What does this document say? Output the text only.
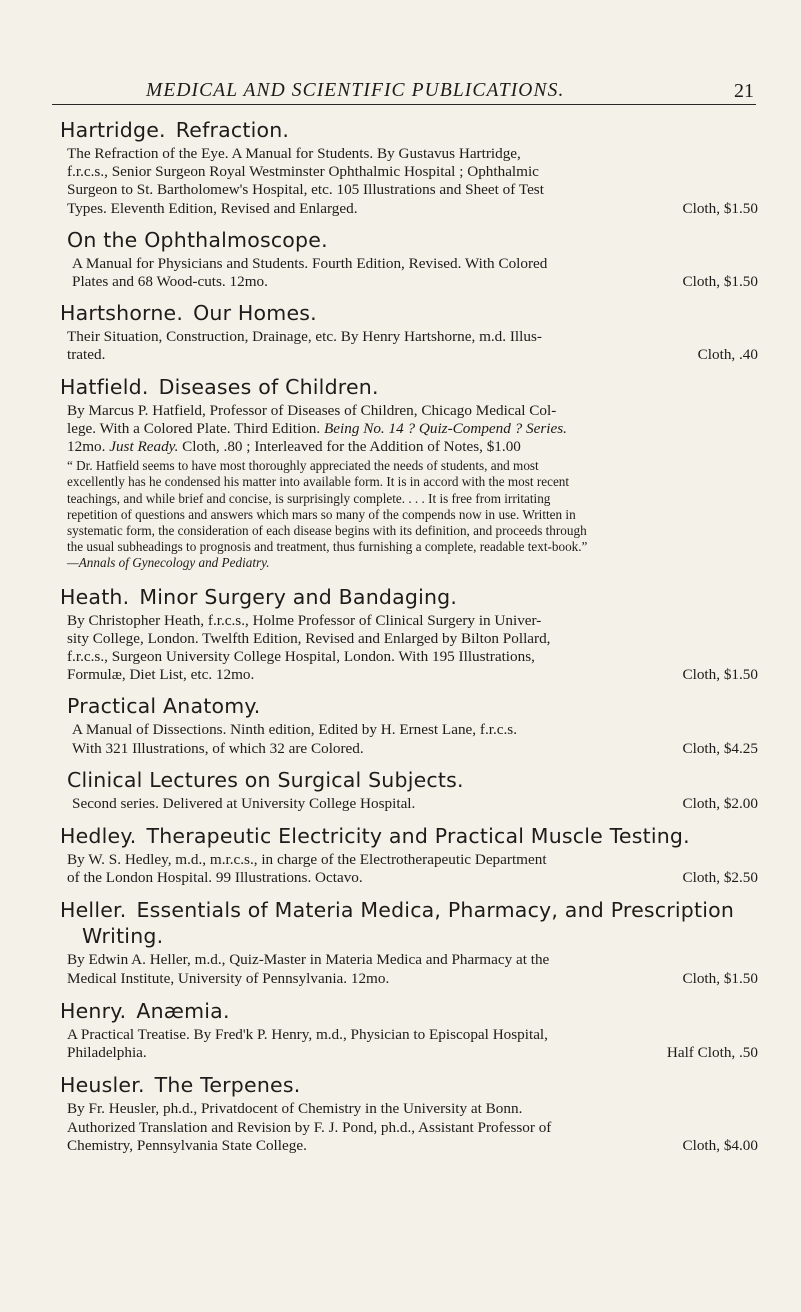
MEDICAL AND SCIENTIFIC PUBLICATIONS.	21
Hartridge. Refraction.
The Refraction of the Eye. A Manual for Students. By Gustavus Hartridge,
f.r.c.s., Senior Surgeon Royal Westminster Ophthalmic Hospital ; Ophthalmic
Surgeon to St. Bartholomew's Hospital, etc. 105 Illustrations and Sheet of Test
Types. Eleventh Edition, Revised and Enlarged.	Cloth, $1.50
On the Ophthalmoscope.
A Manual for Physicians and Students. Fourth Edition, Revised. With Colored
Plates and 68 Wood-cuts. 12mo.	Cloth, $1.50
Hartshorne. Our Homes.
Their Situation, Construction, Drainage, etc. By Henry Hartshorne, m.d. Illus-
trated.	Cloth, .40
Hatfield. Diseases of Children.
By Marcus P. Hatfield, Professor of Diseases of Children, Chicago Medical Col-
lege. With a Colored Plate. Third Edition. Being No. 14 ? Quiz-Compend ? Series.
12mo. Just Ready. Cloth, .80 ; Interleaved for the Addition of Notes, $1.00
“ Dr. Hatfield seems to have most thoroughly appreciated the needs of students, and most
excellently has he condensed his matter into available form. It is in accord with the most recent
teachings, and while brief and concise, is surprisingly complete. . . . It is free from irritating
repetition of questions and answers which mars so many of the compends now in use. Written in
systematic form, the consideration of each disease begins with its definition, and proceeds through
the usual subheadings to prognosis and treatment, thus furnishing a complete, readable text-book.”
—Annals of Gynecology and Pediatry.
Heath. Minor Surgery and Bandaging.
By Christopher Heath, f.r.c.s., Holme Professor of Clinical Surgery in Univer-
sity College, London. Twelfth Edition, Revised and Enlarged by Bilton Pollard,
f.r.c.s., Surgeon University College Hospital, London. With 195 Illustrations,
Formulæ, Diet List, etc. 12mo.	Cloth, $1.50
Practical Anatomy.
A Manual of Dissections. Ninth edition, Edited by H. Ernest Lane, f.r.c.s.
With 321 Illustrations, of which 32 are Colored.	Cloth, $4.25
Clinical Lectures on Surgical Subjects.
Second series. Delivered at University College Hospital.	Cloth, $2.00
Hedley. Therapeutic Electricity and Practical Muscle Testing.
By W. S. Hedley, m.d., m.r.c.s., in charge of the Electrotherapeutic Department
of the London Hospital. 99 Illustrations. Octavo.	Cloth, $2.50
Heller. Essentials of Materia Medica, Pharmacy, and Prescription
Writing.
By Edwin A. Heller, m.d., Quiz-Master in Materia Medica and Pharmacy at the
Medical Institute, University of Pennsylvania. 12mo.	Cloth, $1.50
Henry. Anæmia.
A Practical Treatise. By Fred'k P. Henry, m.d., Physician to Episcopal Hospital,
Philadelphia.	Half Cloth, .50
Heusler. The Terpenes.
By Fr. Heusler, ph.d., Privatdocent of Chemistry in the University at Bonn.
Authorized Translation and Revision by F. J. Pond, ph.d., Assistant Professor of
Chemistry, Pennsylvania State College.	Cloth, $4.00
